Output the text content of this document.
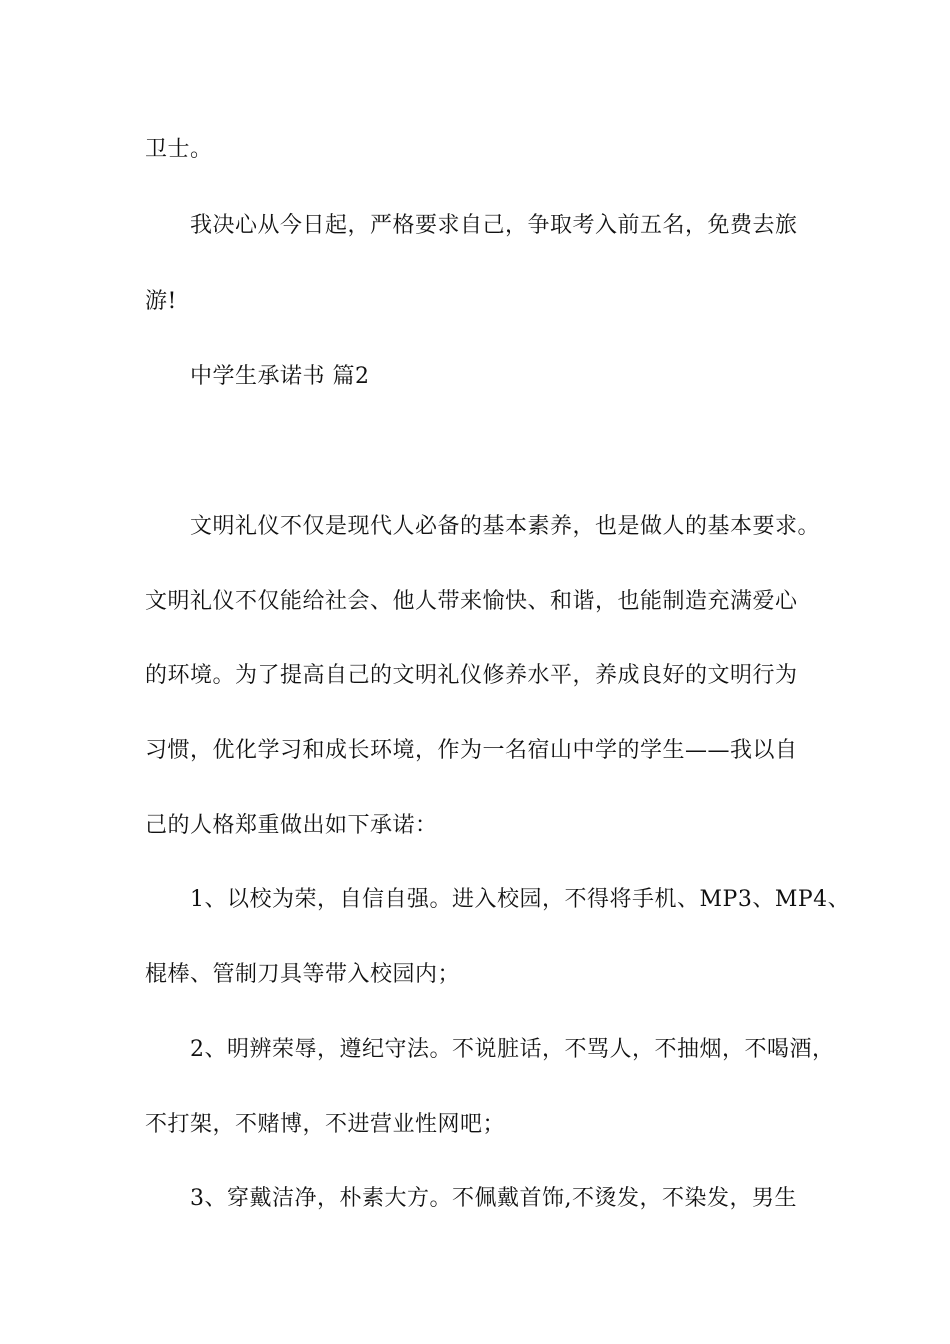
卫士。
我决心从今日起，严格要求自己，争取考入前五名，免费去旅
游!
中学生承诺书 篇2
文明礼仪不仅是现代人必备的基本素养，也是做人的基本要求。
文明礼仪不仅能给社会、他人带来愉快、和谐，也能制造充满爱心
的环境。为了提高自己的文明礼仪修养水平，养成良好的文明行为
习惯，优化学习和成长环境，作为一名宿山中学的学生——我以自
己的人格郑重做出如下承诺：
1、以校为荣，自信自强。进入校园，不得将手机、MP3、MP4、
棍棒、管制刀具等带入校园内；
2、明辨荣辱，遵纪守法。不说脏话，不骂人，不抽烟，不喝酒，
不打架，不赌博，不进营业性网吧；
3、穿戴洁净，朴素大方。不佩戴首饰,不烫发，不染发，男生
